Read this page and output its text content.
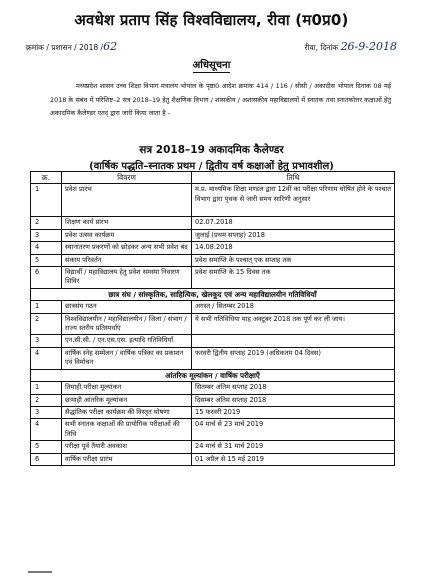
अवधेश प्रताप सिंह विश्वविद्यालय, रीवा (म0प्र0)
क्रमांक / प्रशासन / 2018 /62	रीवा, दिनांक 26-9-2018
अधिसूचना
मध्यप्रदेश शासन उच्च शिक्षा विभाग मंत्रालय भोपाल के पृष्ठा0 आदेश क्रमांक 414 / 116 / सीसी / अकादीस भोपाल दिनांक 08 मई 2018 के संबंध में परिशिष्ट–2 सत्र 2018–19 हेतु शैक्षणिक विभाग / शासकीय / अशासकीय महाविद्यालयों में स्नातक तथा स्नातकोत्तर कक्षाओं हेतु अकादमिक कैलेण्डर एतद् द्वारा जारी किया जाता है –
सत्र 2018–19 अकादमिक कैलेण्डर
(वार्षिक पद्धति–स्नातक प्रथम / द्वितीय वर्ष कक्षाओं हेतु प्रभावशील)
क्र.	विवरण	तिथि
1	प्रवेश प्रारंभ	म.प्र. माध्यमिक शिक्षा मण्डल द्वारा 12वीं का परीक्षा परिणाम घोषित होने के पश्चात विभाग द्वारा पृथक से जारी समय सारिणी अनुसार
2	शिक्षण कार्य प्रारंभ	02.07.2018
3	प्रवेश उत्सव कार्यक्रम	जुलाई (प्रथम सप्ताह) 2018
4	स्थानांतरण प्रकरणों को छोड़कर अन्य सभी प्रवेश बंद	14.08.2018
5	संकाय परिवर्तन	प्रवेश समाप्ति के पश्चात् एक सप्ताह तक
6	विद्यार्थी / महाविद्यालय हेतु प्रवेश समस्या निवारण शिविर	प्रवेश समाप्ति के 15 दिवस तक
छात्र संघ / सांस्कृतिक, साहित्यिक, खेलकूद एवं अन्य महाविद्यालयीन गतिविधियाँ		
1	छात्रसंघ गठन	अगस्त / सितम्बर 2018
2	विश्वविद्यालयीन / महाविद्यालयीन / जिला / संभाग / राज्य स्तरीय प्रतिस्पर्धाएं	ये सभी गतिविधिया माह अक्टूबर 2018 तक पूर्ण कर ली जाय।
3	एन.सी.सी. / एन.एस.एस. इत्यादि गतिविधियाँ	
4	वार्षिक स्नेह सम्मेलन / वार्षिक पत्रिका का प्रकाशन एवं विमोचन	फरवरी द्वितीय सप्ताह 2019 (अधिकतम 04 दिवस)
आंतरिक मूल्यांकन / वार्षिक परीक्षाएँ		
1	तिमाही परीक्षा मूल्यांकन	सितम्बर अंतिम सप्ताह 2018
2	छःमाही आंतरिक मूल्यांकन	दिसम्बर अंतिम सप्ताह 2018
3	सैद्धांतिक परीक्षा कार्यक्रम की विस्तृत घोषणा	15 फरवरी 2019
4	सभी स्नातक कक्षाओं की प्रायोगिक परीक्षाओं की तिथि	04 मार्च से 23 मार्च 2019
5	परीक्षा पूर्व तैयारी अवकाश	24 मार्च से 31 मार्च 2019
6	वार्षिक परीक्षा प्रारंभ	01 अप्रैल से 15 मई 2019
